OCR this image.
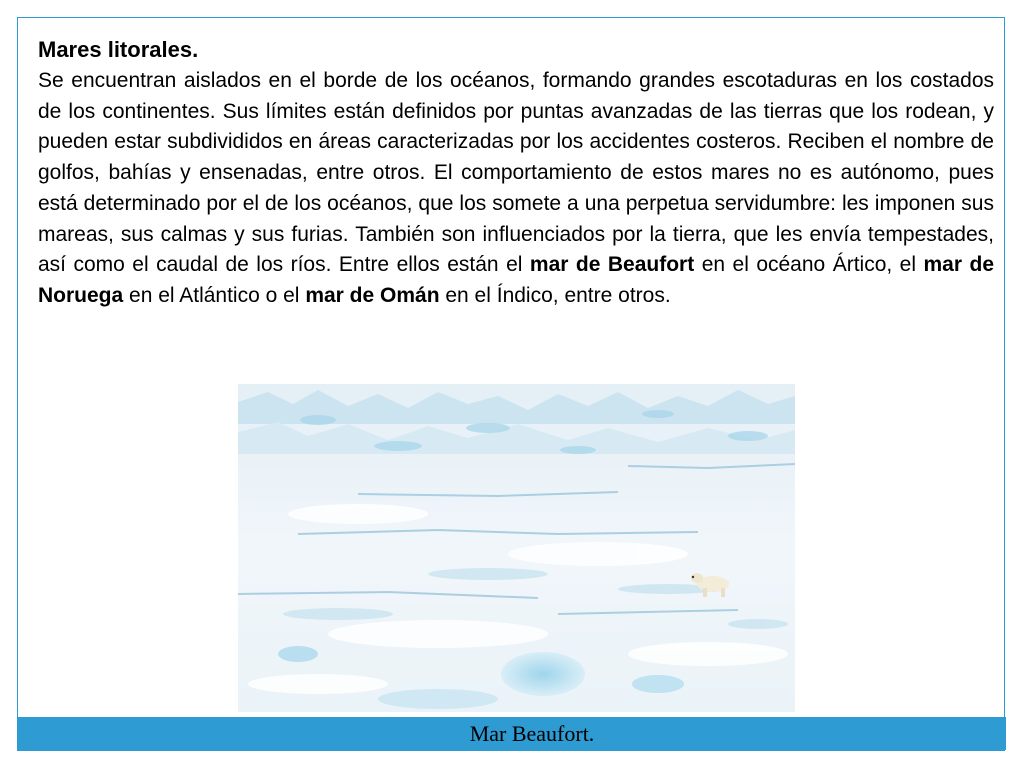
Mares litorales.

Se encuentran aislados en el borde de los océanos, formando grandes escotaduras en los costados de los continentes. Sus límites están definidos por puntas avanzadas de las tierras que los rodean, y pueden estar subdivididos en áreas caracterizadas por los accidentes costeros. Reciben el nombre de golfos, bahías y ensenadas, entre otros. El comportamiento de estos mares no es autónomo, pues está determinado por el de los océanos, que los somete a una perpetua servidumbre: les imponen sus mareas, sus calmas y sus furias. También son influenciados por la tierra, que les envía tempestades, así como el caudal de los ríos. Entre ellos están el mar de Beaufort en el océano Ártico, el mar de Noruega en el Atlántico o el mar de Omán en el Índico, entre otros.

Mar Beaufort.
